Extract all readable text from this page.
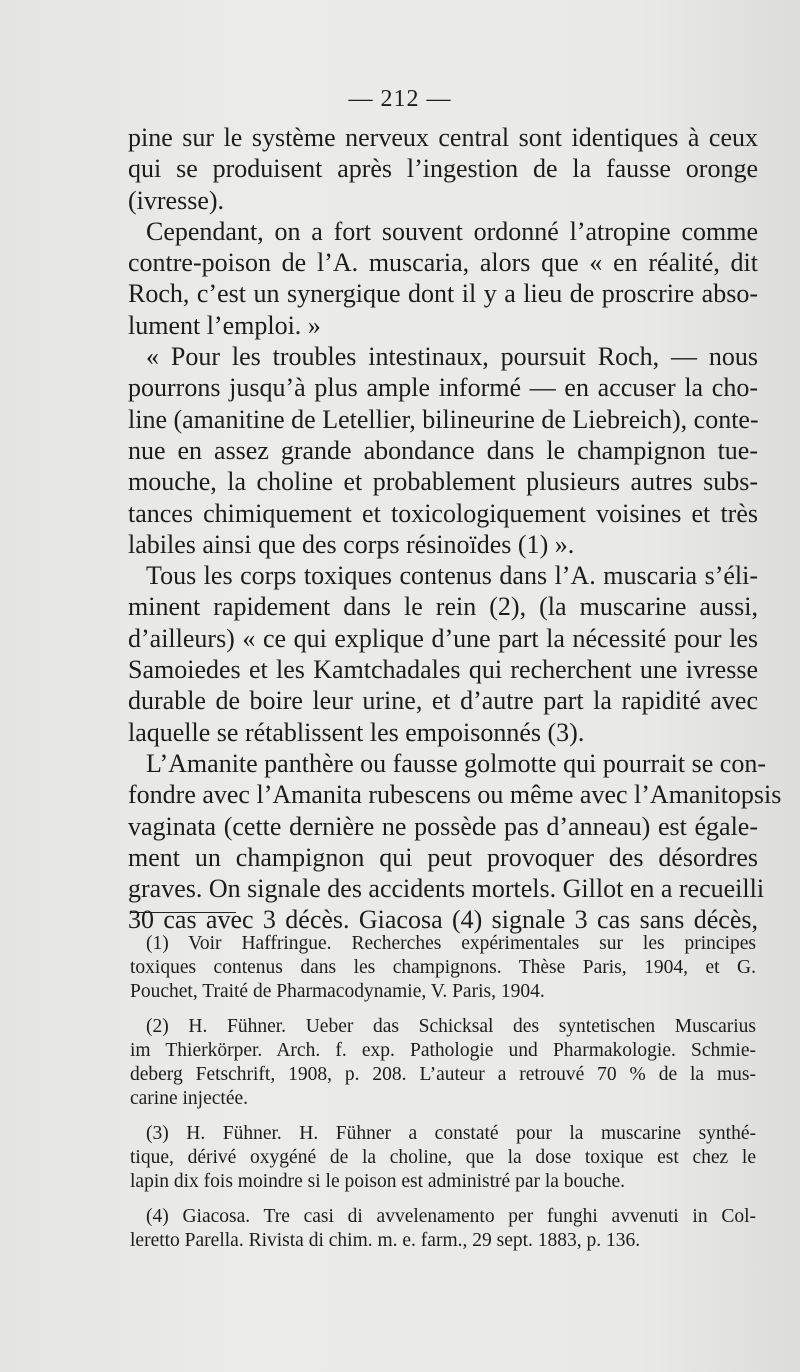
— 212 —
pine sur le système nerveux central sont identiques à ceux
qui se produisent après l’ingestion de la fausse oronge
(ivresse).
Cependant, on a fort souvent ordonné l’atropine comme
contre-poison de l’A. muscaria, alors que « en réalité, dit
Roch, c’est un synergique dont il y a lieu de proscrire abso-
lument l’emploi. »
« Pour les troubles intestinaux, poursuit Roch, — nous
pourrons jusqu’à plus ample informé — en accuser la cho-
line (amanitine de Letellier, bilineurine de Liebreich), conte-
nue en assez grande abondance dans le champignon tue-
mouche, la choline et probablement plusieurs autres subs-
tances chimiquement et toxicologiquement voisines et très
labiles ainsi que des corps résinoïdes (1) ».
Tous les corps toxiques contenus dans l’A. muscaria s’éli-
minent rapidement dans le rein (2), (la muscarine aussi,
d’ailleurs) « ce qui explique d’une part la nécessité pour les
Samoiedes et les Kamtchadales qui recherchent une ivresse
durable de boire leur urine, et d’autre part la rapidité avec
laquelle se rétablissent les empoisonnés (3).
L’Amanite panthère ou fausse golmotte qui pourrait se con-
fondre avec l’Amanita rubescens ou même avec l’Amanitopsis
vaginata (cette dernière ne possède pas d’anneau) est égale-
ment un champignon qui peut provoquer des désordres
graves. On signale des accidents mortels. Gillot en a recueilli
30 cas avec 3 décès. Giacosa (4) signale 3 cas sans décès,
(1) Voir Haffringue. Recherches expérimentales sur les principes
toxiques contenus dans les champignons. Thèse Paris, 1904, et G.
Pouchet, Traité de Pharmacodynamie, V. Paris, 1904.
(2) H. Fühner. Ueber das Schicksal des syntetischen Muscarius
im Thierkörper. Arch. f. exp. Pathologie und Pharmakologie. Schmie-
deberg Fetschrift, 1908, p. 208. L’auteur a retrouvé 70 % de la mus-
carine injectée.
(3) H. Fühner. H. Fühner a constaté pour la muscarine synthé-
tique, dérivé oxygéné de la choline, que la dose toxique est chez le
lapin dix fois moindre si le poison est administré par la bouche.
(4) Giacosa. Tre casi di avvelenamento per funghi avvenuti in Col-
leretto Parella. Rivista di chim. m. e. farm., 29 sept. 1883, p. 136.
